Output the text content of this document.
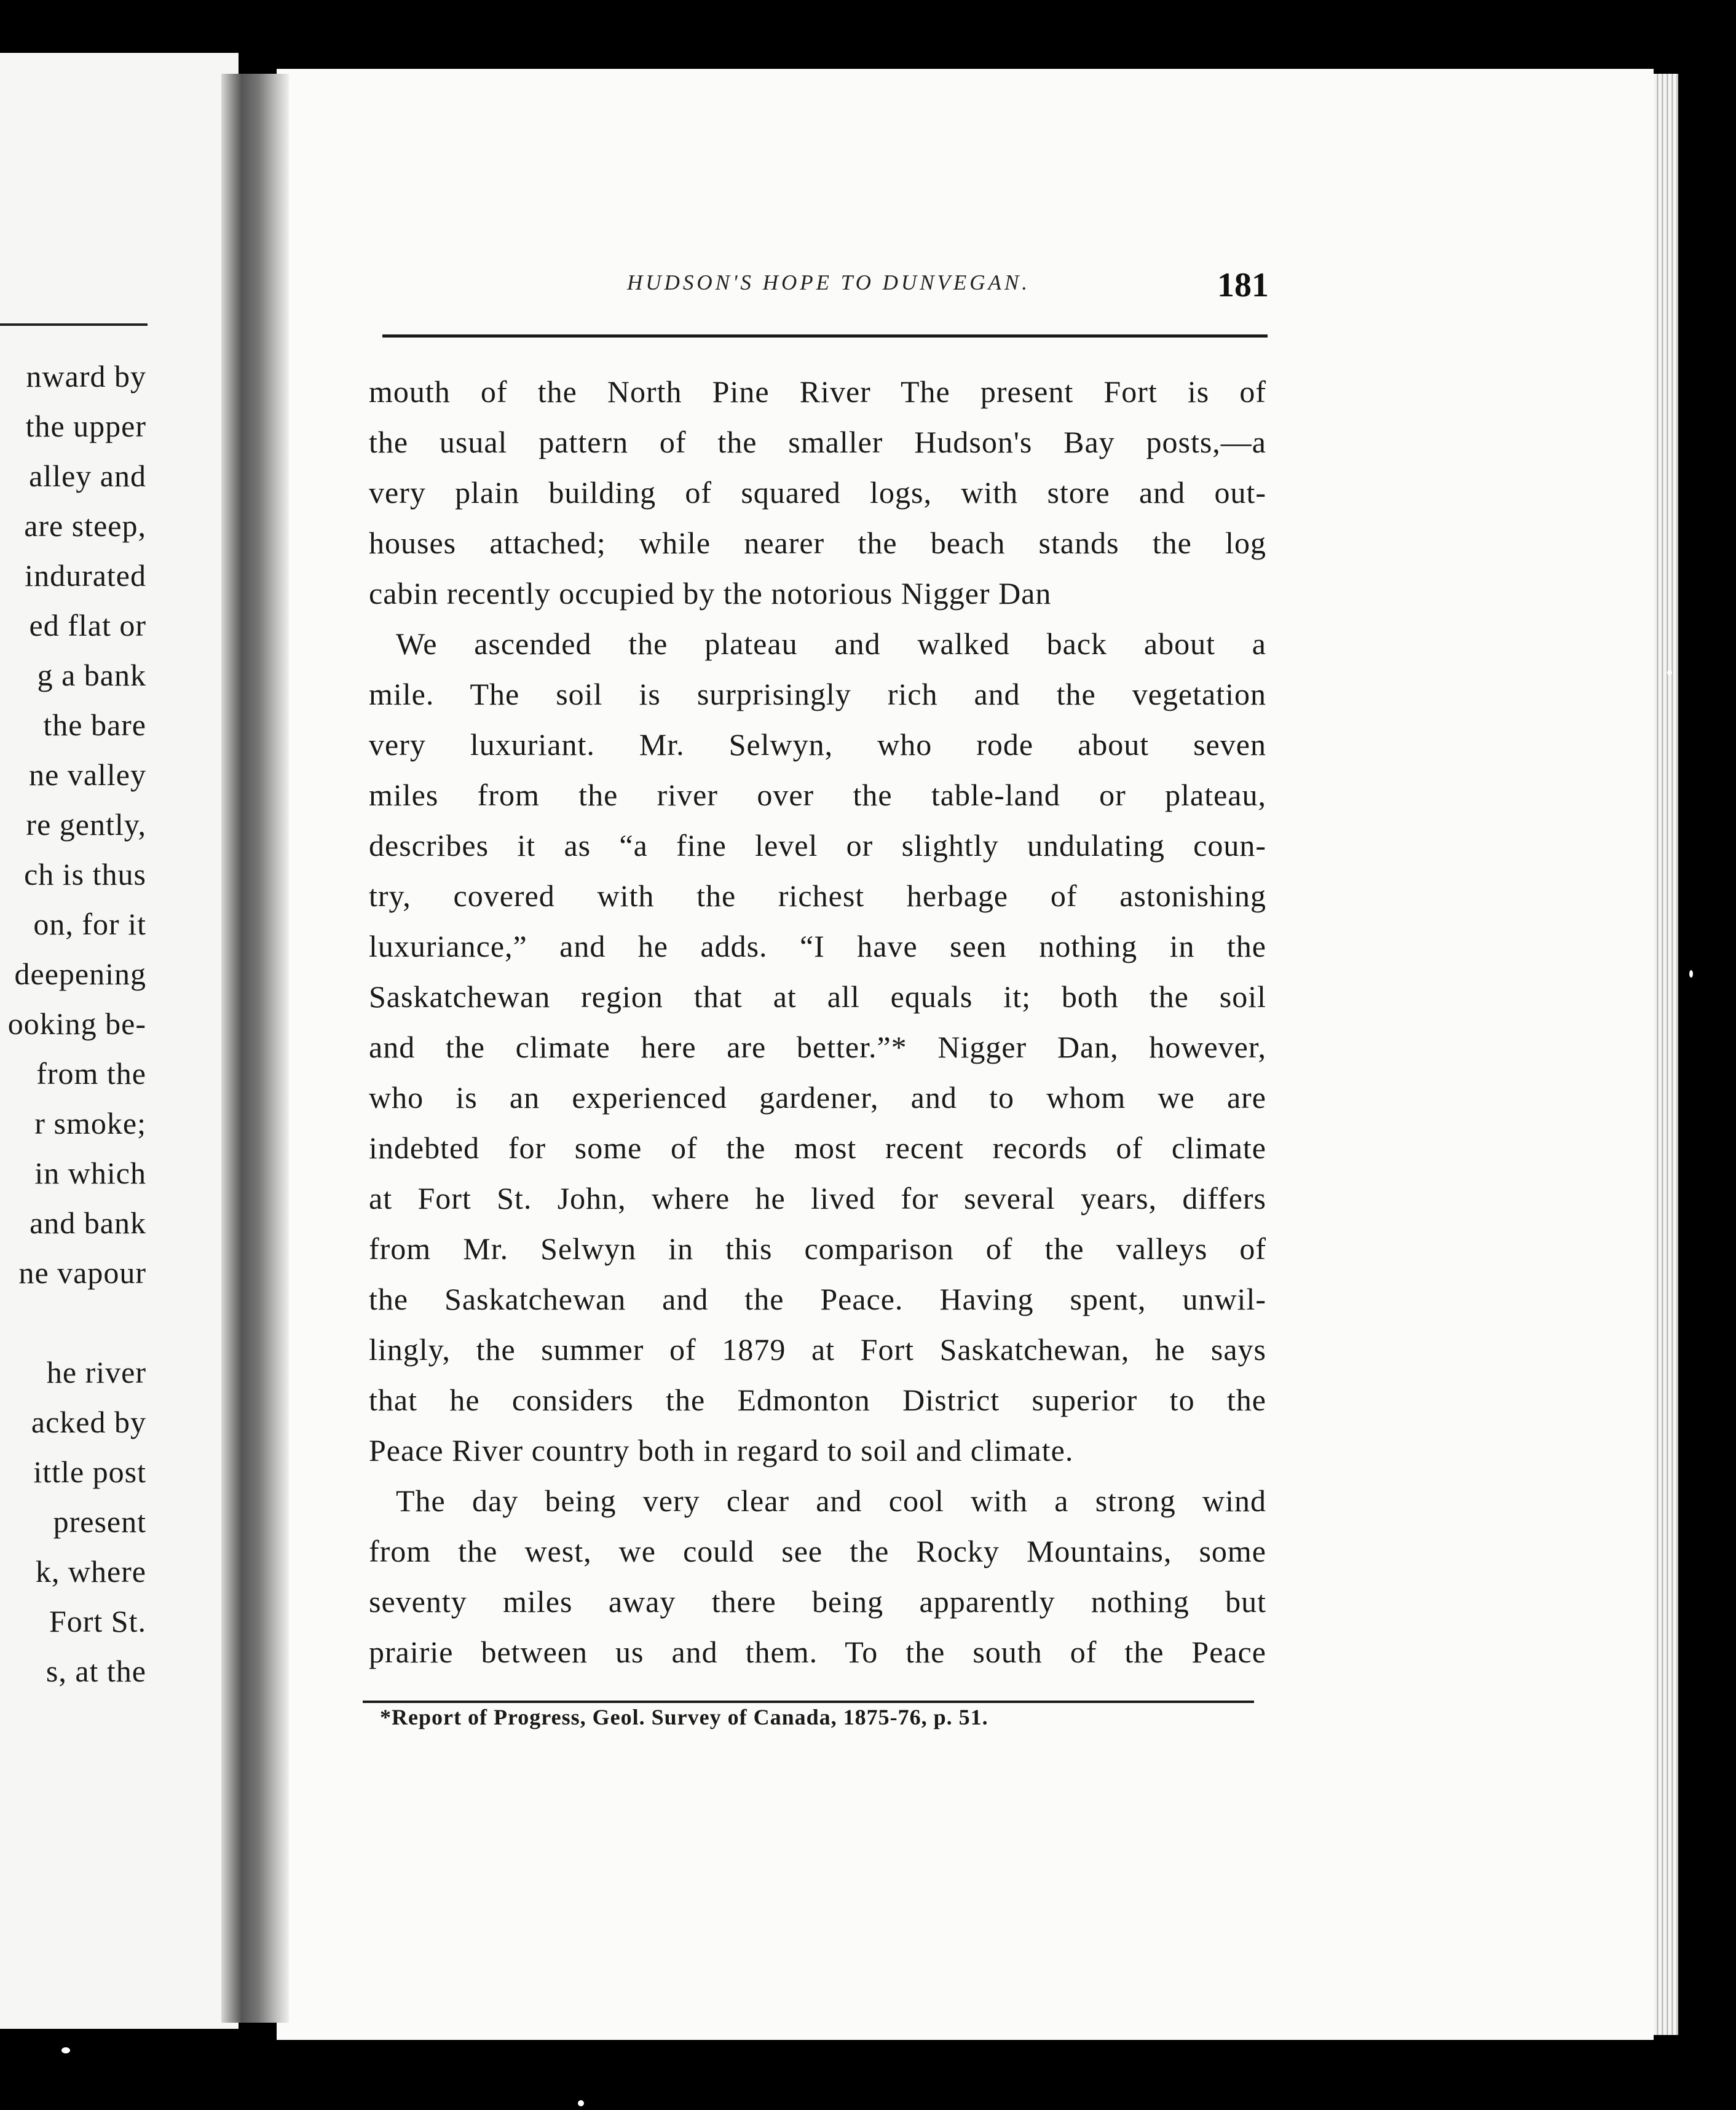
nward by
the upper
alley and
are steep,
indurated
ed flat or
g a bank
the bare
ne valley
re gently,
ch is thus
on, for it
deepening
ooking be-
from the
r smoke;
in which
and bank
ne vapour
he river
acked by
ittle post
present
k, where
Fort St.
s, at the
HUDSON'S HOPE TO DUNVEGAN.	181
mouth of the North Pine River The present Fort is of
the usual pattern of the smaller Hudson's Bay posts,—a
very plain building of squared logs, with store and out-
houses attached; while nearer the beach stands the log
cabin recently occupied by the notorious Nigger Dan
We ascended the plateau and walked back about a
mile. The soil is surprisingly rich and the vegetation
very luxuriant. Mr. Selwyn, who rode about seven
miles from the river over the table-land or plateau,
describes it as “a fine level or slightly undulating coun-
try, covered with the richest herbage of astonishing
luxuriance,” and he adds. “I have seen nothing in the
Saskatchewan region that at all equals it; both the soil
and the climate here are better.”* Nigger Dan, however,
who is an experienced gardener, and to whom we are
indebted for some of the most recent records of climate
at Fort St. John, where he lived for several years, differs
from Mr. Selwyn in this comparison of the valleys of
the Saskatchewan and the Peace. Having spent, unwil-
lingly, the summer of 1879 at Fort Saskatchewan, he says
that he considers the Edmonton District superior to the
Peace River country both in regard to soil and climate.
The day being very clear and cool with a strong wind
from the west, we could see the Rocky Mountains, some
seventy miles away there being apparently nothing but
prairie between us and them. To the south of the Peace
*Report of Progress, Geol. Survey of Canada, 1875-76, p. 51.
